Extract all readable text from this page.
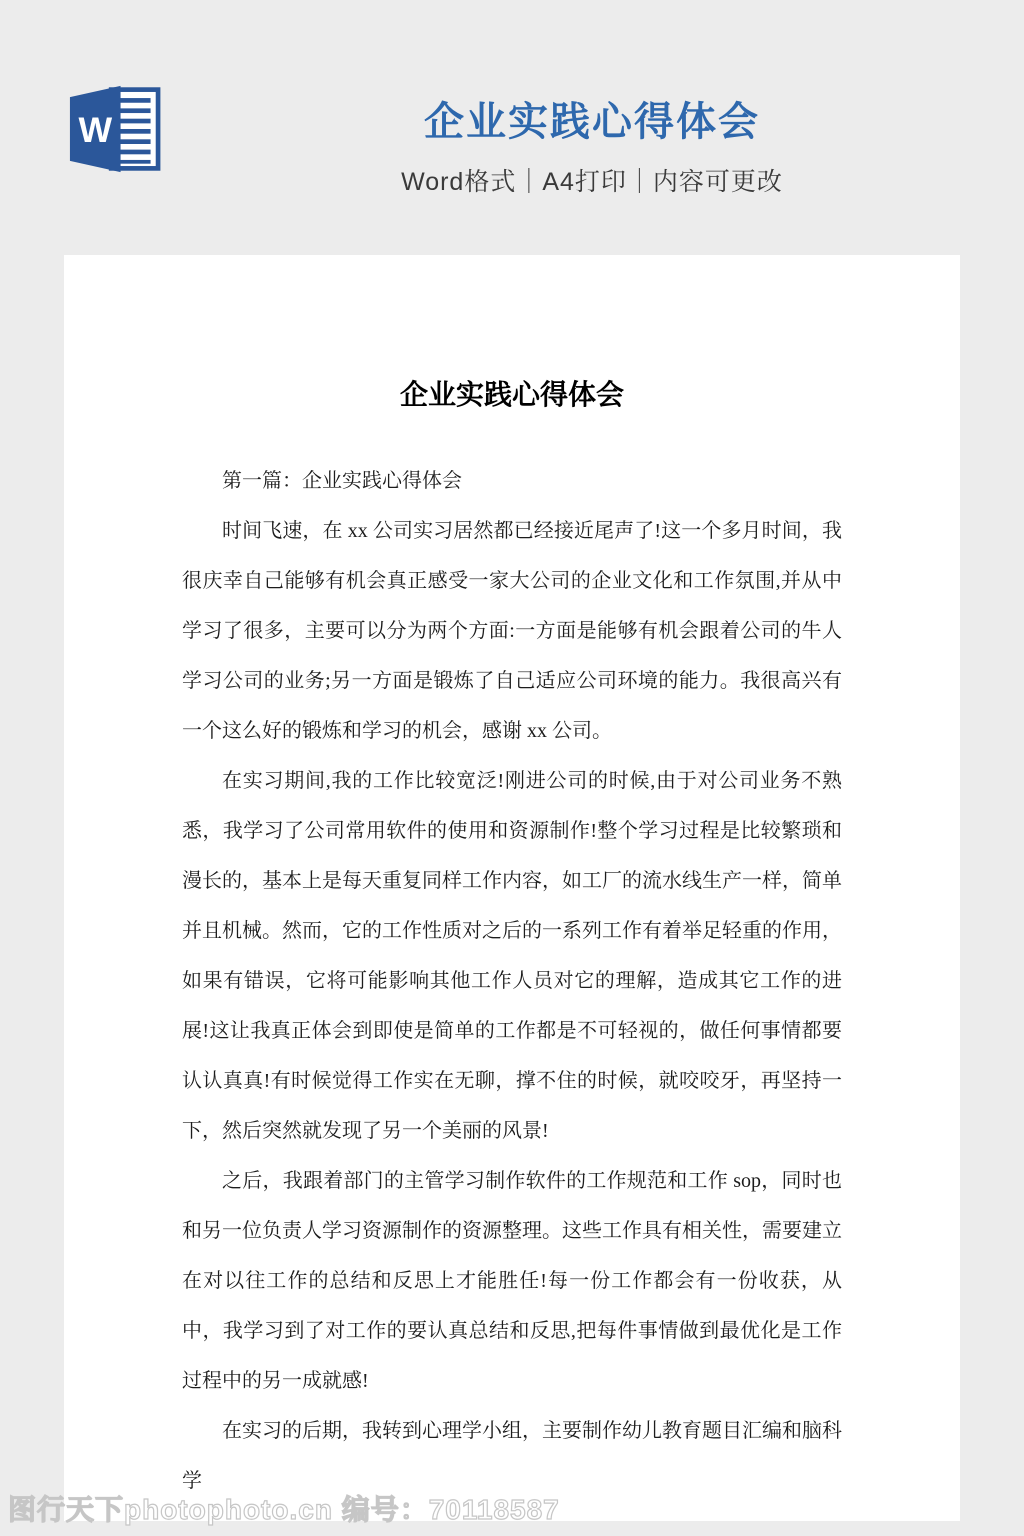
W	企业实践心得体会
Word格式｜A4打印｜内容可更改
企业实践心得体会

第一篇：企业实践心得体会

时间飞速，在 xx 公司实习居然都已经接近尾声了!这一个多月时间，我很庆幸自己能够有机会真正感受一家大公司的企业文化和工作氛围,并从中学习了很多，主要可以分为两个方面:一方面是能够有机会跟着公司的牛人学习公司的业务;另一方面是锻炼了自己适应公司环境的能力。我很高兴有一个这么好的锻炼和学习的机会，感谢 xx 公司。

在实习期间,我的工作比较宽泛!刚进公司的时候,由于对公司业务不熟悉，我学习了公司常用软件的使用和资源制作!整个学习过程是比较繁琐和漫长的，基本上是每天重复同样工作内容，如工厂的流水线生产一样，简单并且机械。然而，它的工作性质对之后的一系列工作有着举足轻重的作用，如果有错误，它将可能影响其他工作人员对它的理解，造成其它工作的进展!这让我真正体会到即使是简单的工作都是不可轻视的，做任何事情都要认认真真!有时候觉得工作实在无聊，撑不住的时候，就咬咬牙，再坚持一下，然后突然就发现了另一个美丽的风景!

之后，我跟着部门的主管学习制作软件的工作规范和工作 sop，同时也和另一位负责人学习资源制作的资源整理。这些工作具有相关性，需要建立在对以往工作的总结和反思上才能胜任!每一份工作都会有一份收获，从中，我学习到了对工作的要认真总结和反思,把每件事情做到最优化是工作过程中的另一成就感!

在实习的后期，我转到心理学小组，主要制作幼儿教育题目汇编和脑科学

图行天下photophoto.cn 编号：70118587
